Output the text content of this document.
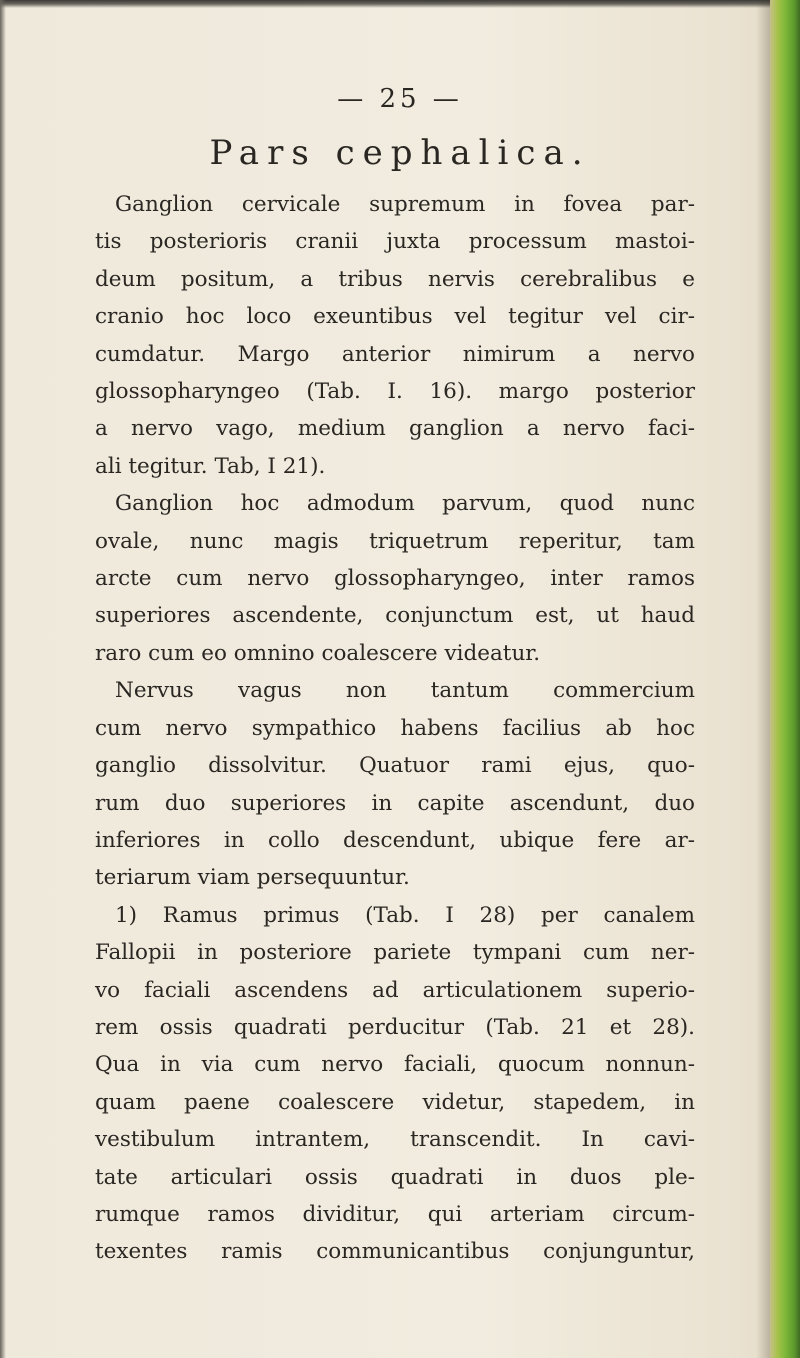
— 25 —
Pars cephalica.
Ganglion cervicale supremum in fovea par-
tis posterioris cranii juxta processum mastoi-
deum positum, a tribus nervis cerebralibus e
cranio hoc loco exeuntibus vel tegitur vel cir-
cumdatur. Margo anterior nimirum a nervo
glossopharyngeo (Tab. I. 16). margo posterior
a nervo vago, medium ganglion a nervo faci-
ali tegitur. Tab, I 21).
Ganglion hoc admodum parvum, quod nunc
ovale, nunc magis triquetrum reperitur, tam
arcte cum nervo glossopharyngeo, inter ramos
superiores ascendente, conjunctum est, ut haud
raro cum eo omnino coalescere videatur.
Nervus vagus non tantum commercium
cum nervo sympathico habens facilius ab hoc
ganglio dissolvitur. Quatuor rami ejus, quo-
rum duo superiores in capite ascendunt, duo
inferiores in collo descendunt, ubique fere ar-
teriarum viam persequuntur.
1) Ramus primus (Tab. I 28) per canalem
Fallopii in posteriore pariete tympani cum ner-
vo faciali ascendens ad articulationem superio-
rem ossis quadrati perducitur (Tab. 21 et 28).
Qua in via cum nervo faciali, quocum nonnun-
quam paene coalescere videtur, stapedem, in
vestibulum intrantem, transcendit. In cavi-
tate articulari ossis quadrati in duos ple-
rumque ramos dividitur, qui arteriam circum-
texentes ramis communicantibus conjunguntur,
